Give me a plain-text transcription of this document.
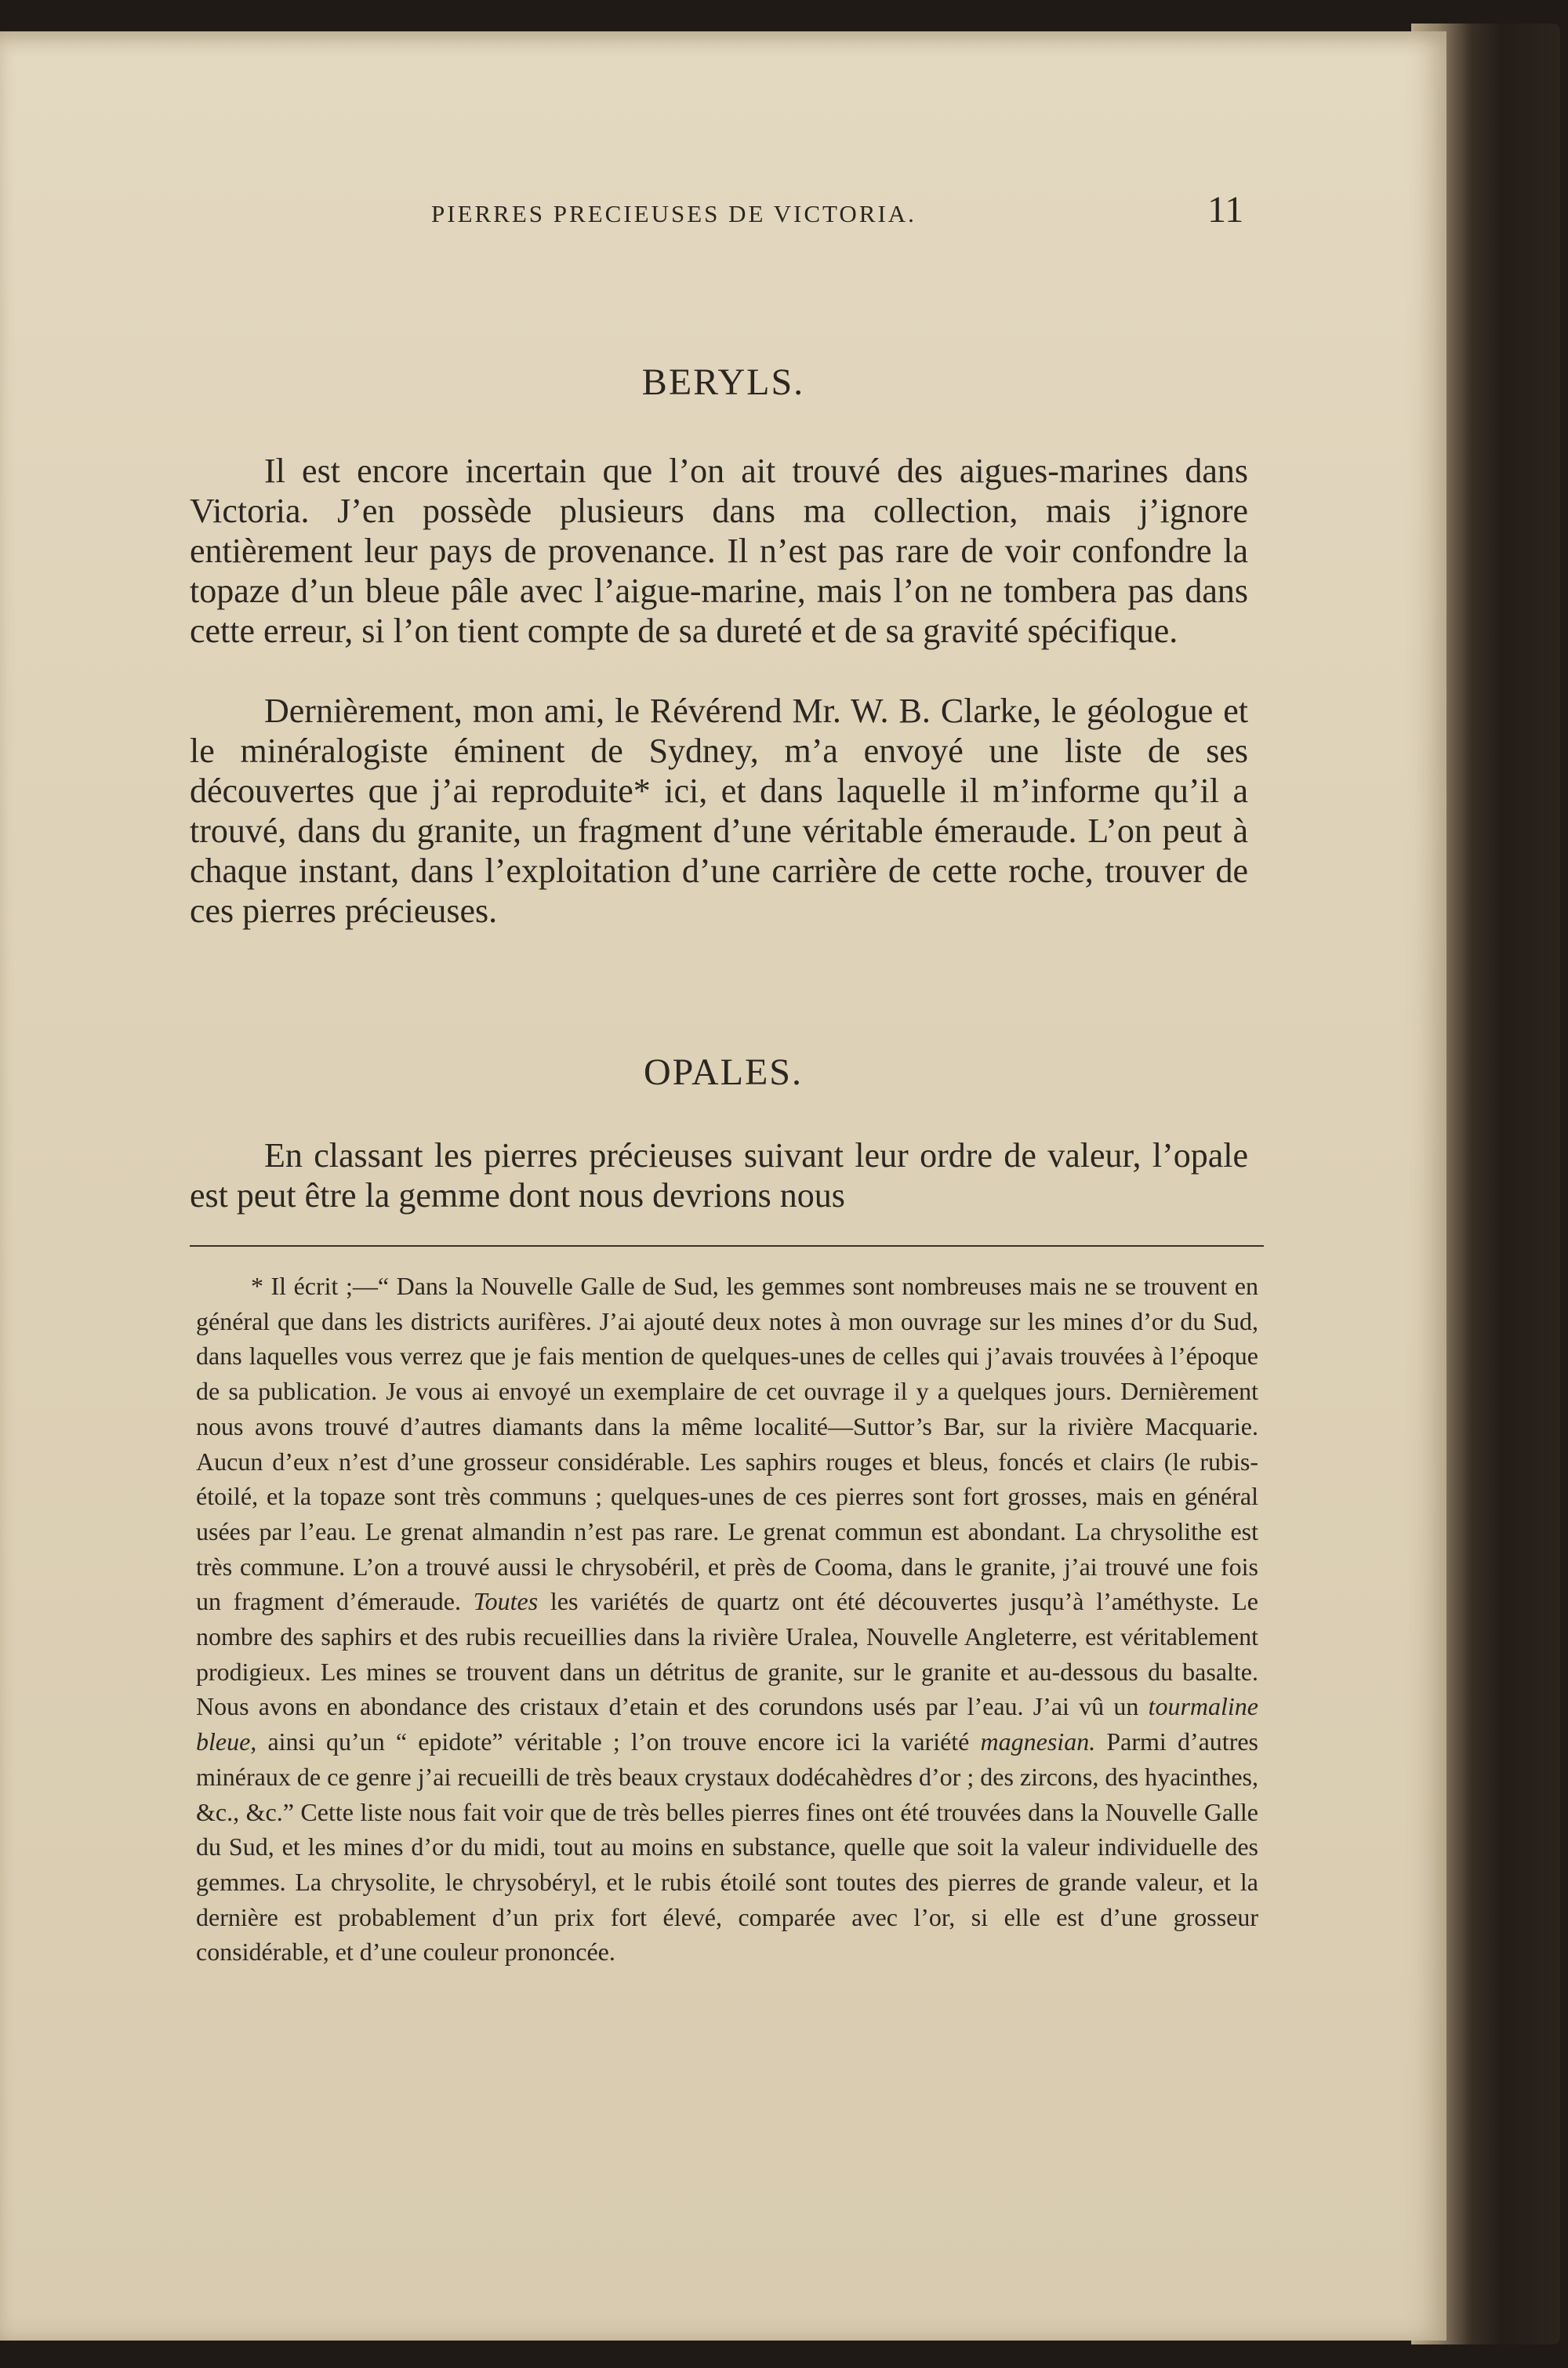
PIERRES PRECIEUSES DE VICTORIA.	11
BERYLS.

Il est encore incertain que l’on ait trouvé des aigues-marines dans Victoria. J’en possède plusieurs dans ma collection, mais j’ignore entièrement leur pays de provenance. Il n’est pas rare de voir confondre la topaze d’un bleue pâle avec l’aigue-marine, mais l’on ne tombera pas dans cette erreur, si l’on tient compte de sa dureté et de sa gravité spécifique.

Dernièrement, mon ami, le Révérend Mr. W. B. Clarke, le géologue et le minéralogiste éminent de Sydney, m’a envoyé une liste de ses découvertes que j’ai reproduite* ici, et dans laquelle il m’informe qu’il a trouvé, dans du granite, un fragment d’une véritable émeraude. L’on peut à chaque instant, dans l’exploitation d’une carrière de cette roche, trouver de ces pierres précieuses.

OPALES.

En classant les pierres précieuses suivant leur ordre de valeur, l’opale est peut être la gemme dont nous devrions nous

* Il écrit ;—“ Dans la Nouvelle Galle de Sud, les gemmes sont nombreuses mais ne se trouvent en général que dans les districts aurifères. J’ai ajouté deux notes à mon ouvrage sur les mines d’or du Sud, dans laquelles vous verrez que je fais mention de quelques-unes de celles qui j’avais trouvées à l’époque de sa publication. Je vous ai envoyé un exemplaire de cet ouvrage il y a quelques jours. Dernièrement nous avons trouvé d’autres diamants dans la même localité—Suttor’s Bar, sur la rivière Macquarie. Aucun d’eux n’est d’une grosseur considérable. Les saphirs rouges et bleus, foncés et clairs (le rubis-étoilé, et la topaze sont très communs ; quelques-unes de ces pierres sont fort grosses, mais en général usées par l’eau. Le grenat almandin n’est pas rare. Le grenat commun est abondant. La chrysolithe est très commune. L’on a trouvé aussi le chrysobéril, et près de Cooma, dans le granite, j’ai trouvé une fois un fragment d’émeraude. Toutes les variétés de quartz ont été découvertes jusqu’à l’améthyste. Le nombre des saphirs et des rubis recueillies dans la rivière Uralea, Nouvelle Angleterre, est véritablement prodigieux. Les mines se trouvent dans un détritus de granite, sur le granite et au-dessous du basalte. Nous avons en abondance des cristaux d’etain et des corundons usés par l’eau. J’ai vû un tourmaline bleue, ainsi qu’un “ epidote” véritable ; l’on trouve encore ici la variété magnesian. Parmi d’autres minéraux de ce genre j’ai recueilli de très beaux crystaux dodécahèdres d’or ; des zircons, des hyacinthes, &c., &c.” Cette liste nous fait voir que de très belles pierres fines ont été trouvées dans la Nouvelle Galle du Sud, et les mines d’or du midi, tout au moins en substance, quelle que soit la valeur individuelle des gemmes. La chrysolite, le chrysobéryl, et le rubis étoilé sont toutes des pierres de grande valeur, et la dernière est probablement d’un prix fort élevé, comparée avec l’or, si elle est d’une grosseur considérable, et d’une couleur prononcée.
